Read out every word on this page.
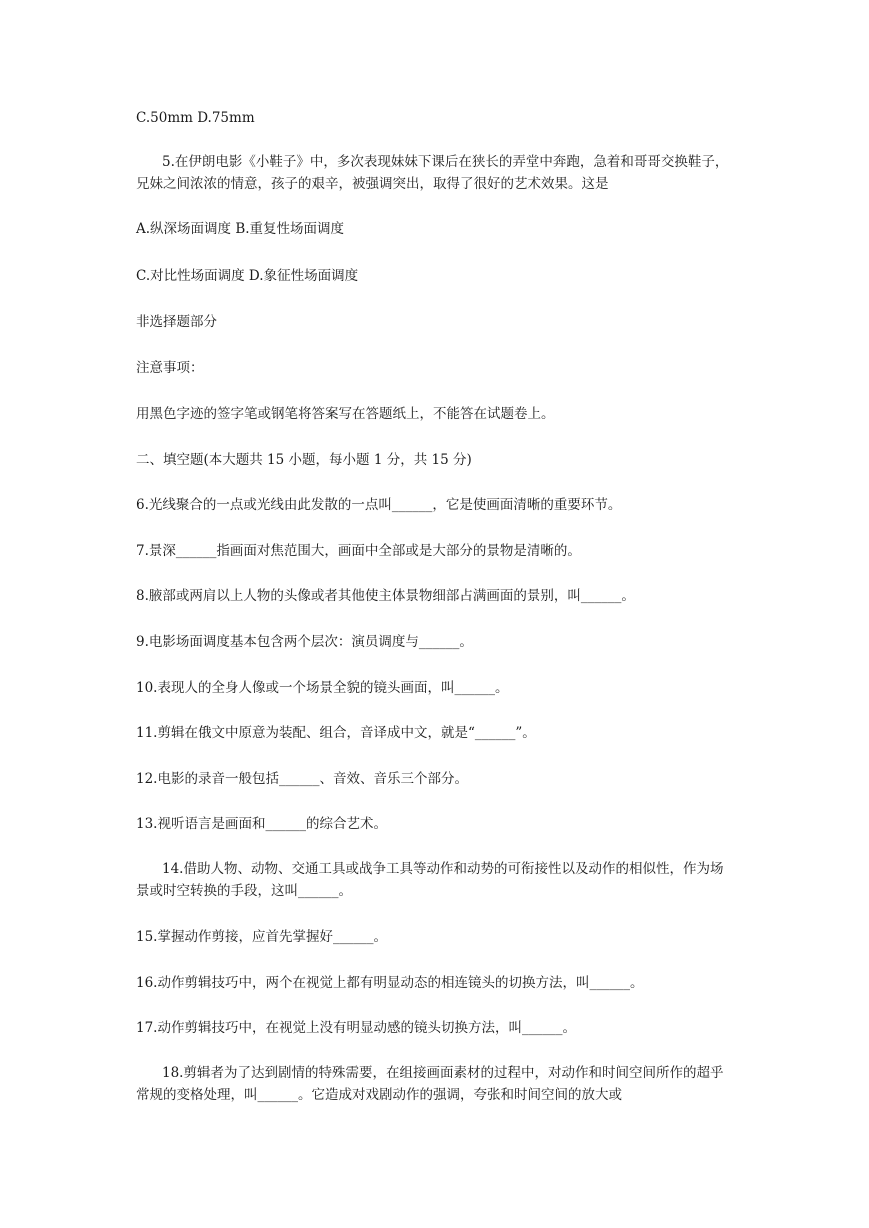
C.50mm D.75mm

5.在伊朗电影《小鞋子》中，多次表现妹妹下课后在狭长的弄堂中奔跑，急着和哥哥交换鞋子，兄妹之间浓浓的情意，孩子的艰辛，被强调突出，取得了很好的艺术效果。这是

A.纵深场面调度 B.重复性场面调度

C.对比性场面调度 D.象征性场面调度

非选择题部分

注意事项：

用黑色字迹的签字笔或钢笔将答案写在答题纸上，不能答在试题卷上。

二、填空题(本大题共 15 小题，每小题 1 分，共 15 分)

6.光线聚合的一点或光线由此发散的一点叫______，它是使画面清晰的重要环节。

7.景深______指画面对焦范围大，画面中全部或是大部分的景物是清晰的。

8.腋部或两肩以上人物的头像或者其他使主体景物细部占满画面的景别，叫______。

9.电影场面调度基本包含两个层次：演员调度与______。

10.表现人的全身人像或一个场景全貌的镜头画面，叫______。

11.剪辑在俄文中原意为装配、组合，音译成中文，就是“______”。

12.电影的录音一般包括______、音效、音乐三个部分。

13.视听语言是画面和______的综合艺术。

14.借助人物、动物、交通工具或战争工具等动作和动势的可衔接性以及动作的相似性，作为场景或时空转换的手段，这叫______。

15.掌握动作剪接，应首先掌握好______。

16.动作剪辑技巧中，两个在视觉上都有明显动态的相连镜头的切换方法，叫______。

17.动作剪辑技巧中，在视觉上没有明显动感的镜头切换方法，叫______。

18.剪辑者为了达到剧情的特殊需要，在组接画面素材的过程中，对动作和时间空间所作的超乎常规的变格处理，叫______。它造成对戏剧动作的强调，夸张和时间空间的放大或
